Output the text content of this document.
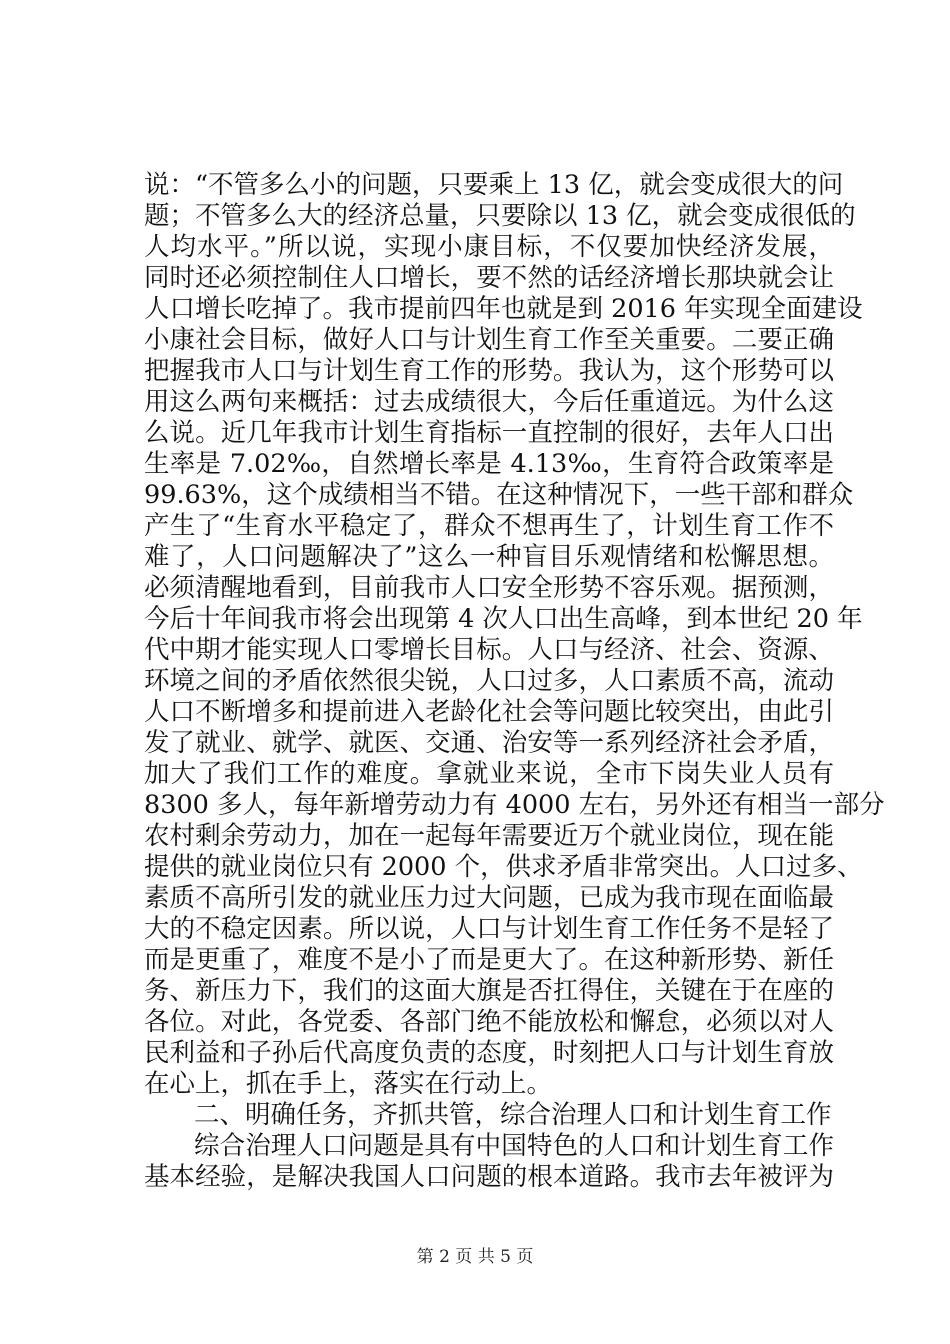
说：“不管多么小的问题，只要乘上 13 亿，就会变成很大的问
题；不管多么大的经济总量，只要除以 13 亿，就会变成很低的
人均水平。”所以说，实现小康目标，不仅要加快经济发展，
同时还必须控制住人口增长，要不然的话经济增长那块就会让
人口增长吃掉了。我市提前四年也就是到 2016 年实现全面建设
小康社会目标，做好人口与计划生育工作至关重要。二要正确
把握我市人口与计划生育工作的形势。我认为，这个形势可以
用这么两句来概括：过去成绩很大，今后任重道远。为什么这
么说。近几年我市计划生育指标一直控制的很好，去年人口出
生率是 7.02‰，自然增长率是 4.13‰，生育符合政策率是
99.63%，这个成绩相当不错。在这种情况下，一些干部和群众
产生了“生育水平稳定了，群众不想再生了，计划生育工作不
难了，人口问题解决了”这么一种盲目乐观情绪和松懈思想。
必须清醒地看到，目前我市人口安全形势不容乐观。据预测，
今后十年间我市将会出现第 4 次人口出生高峰，到本世纪 20 年
代中期才能实现人口零增长目标。人口与经济、社会、资源、
环境之间的矛盾依然很尖锐，人口过多，人口素质不高，流动
人口不断增多和提前进入老龄化社会等问题比较突出，由此引
发了就业、就学、就医、交通、治安等一系列经济社会矛盾，
加大了我们工作的难度。拿就业来说，全市下岗失业人员有
8300 多人，每年新增劳动力有 4000 左右，另外还有相当一部分
农村剩余劳动力，加在一起每年需要近万个就业岗位，现在能
提供的就业岗位只有 2000 个，供求矛盾非常突出。人口过多、
素质不高所引发的就业压力过大问题，已成为我市现在面临最
大的不稳定因素。所以说，人口与计划生育工作任务不是轻了
而是更重了，难度不是小了而是更大了。在这种新形势、新任
务、新压力下，我们的这面大旗是否扛得住，关键在于在座的
各位。对此，各党委、各部门绝不能放松和懈怠，必须以对人
民利益和子孙后代高度负责的态度，时刻把人口与计划生育放
在心上，抓在手上，落实在行动上。
二、明确任务，齐抓共管，综合治理人口和计划生育工作
综合治理人口问题是具有中国特色的人口和计划生育工作
基本经验，是解决我国人口问题的根本道路。我市去年被评为
第 2 页 共 5 页
